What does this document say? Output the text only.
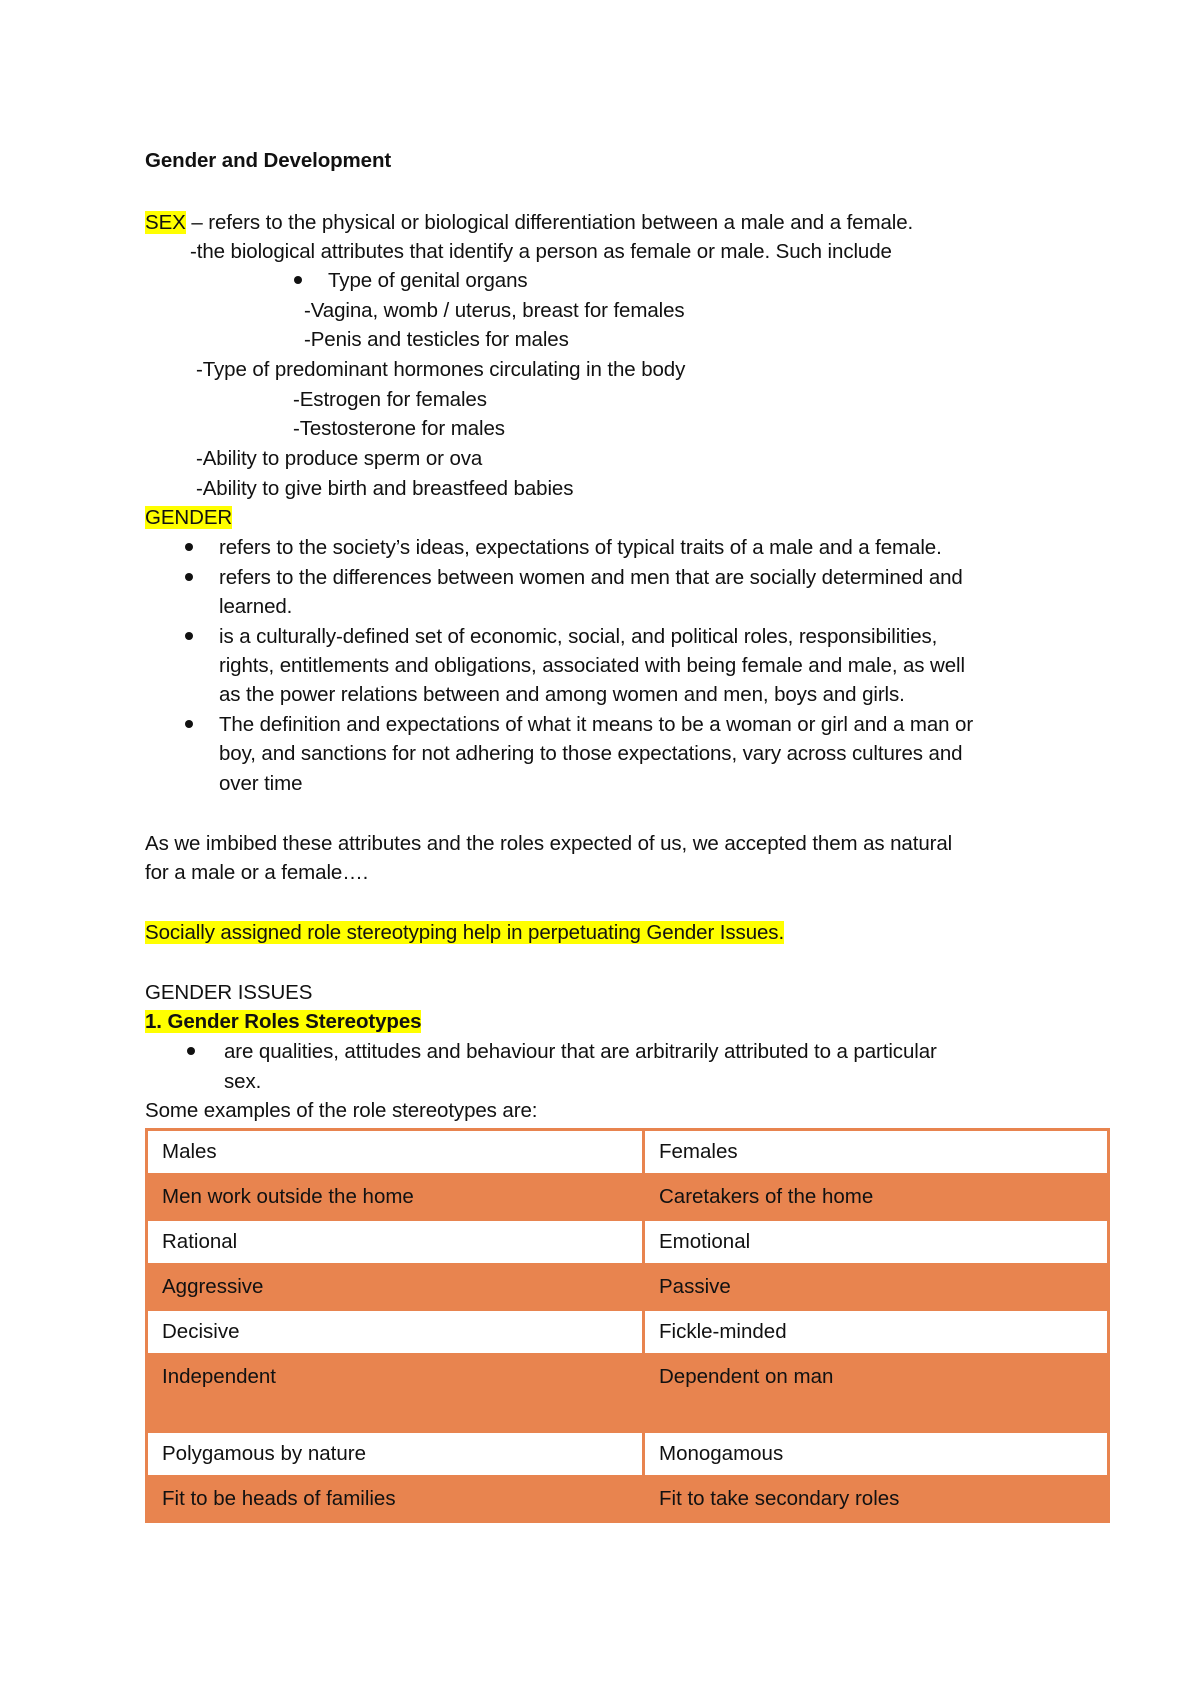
Gender and Development
SEX – refers to the physical or biological differentiation between a male and a female.
-the biological attributes that identify a person as female or male. Such include
Type of genital organs
-Vagina, womb / uterus, breast for females
-Penis and testicles for males
-Type of predominant hormones circulating in the body
-Estrogen for females
-Testosterone for males
-Ability to produce sperm or ova
-Ability to give birth and breastfeed babies
GENDER
refers to the society’s ideas, expectations of typical traits of a male and a female.
refers to the differences between women and men that are socially determined and
learned.
is a culturally-defined set of economic, social, and political roles, responsibilities,
rights, entitlements and obligations, associated with being female and male, as well
as the power relations between and among women and men, boys and girls.
The definition and expectations of what it means to be a woman or girl and a man or
boy, and sanctions for not adhering to those expectations, vary across cultures and
over time
As we imbibed these attributes and the roles expected of us, we accepted them as natural
for a male or a female….
Socially assigned role stereotyping help in perpetuating Gender Issues.
GENDER ISSUES
1. Gender Roles Stereotypes
are qualities, attitudes and behaviour that are arbitrarily attributed to a particular
sex.
Some examples of the role stereotypes are:
Males	Females
Men work outside the home	Caretakers of the home
Rational	Emotional
Aggressive	Passive
Decisive	Fickle-minded
Independent	Dependent on man
Polygamous by nature	Monogamous
Fit to be heads of families	Fit to take secondary roles
